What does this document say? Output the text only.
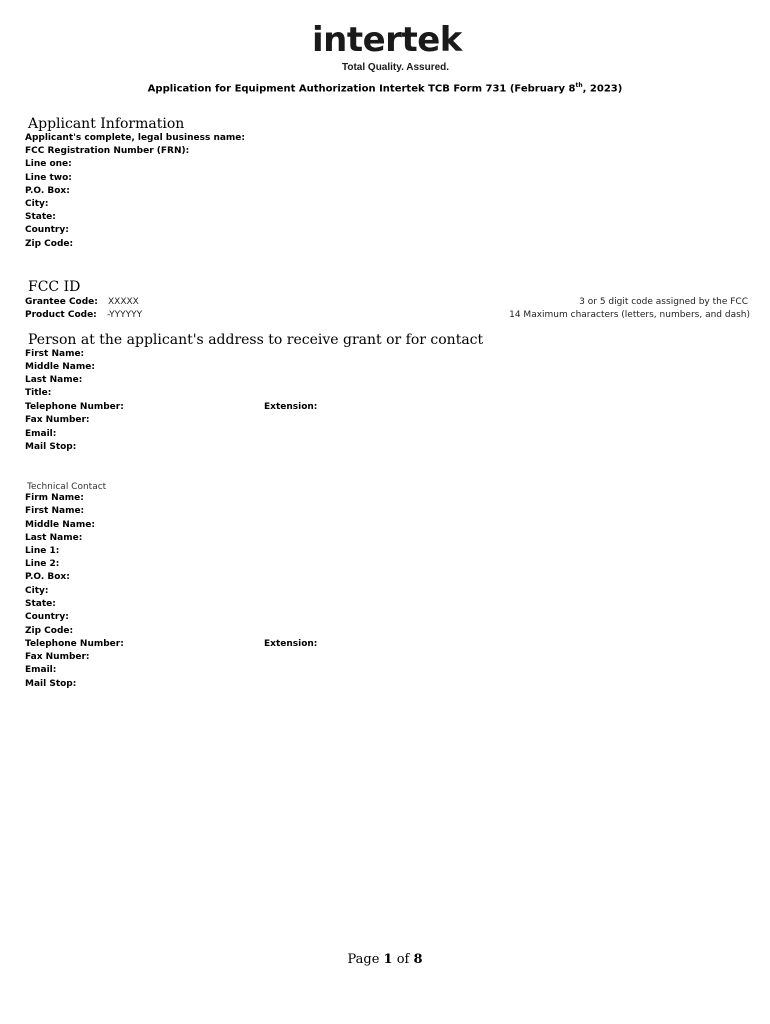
intertek
Total Quality. Assured.
Application for Equipment Authorization Intertek TCB Form 731 (February 8th, 2023)
Applicant Information
Applicant's complete, legal business name:
FCC Registration Number (FRN):
Line one:
Line two:
P.O. Box:
City:
State:
Country:
Zip Code:
FCC ID
Grantee Code: XXXXX	3 or 5 digit code assigned by the FCC
Product Code: -YYYYYY	14 Maximum characters (letters, numbers, and dash)
Person at the applicant's address to receive grant or for contact
First Name:
Middle Name:
Last Name:
Title:
Telephone Number:	Extension:
Fax Number:
Email:
Mail Stop:
Technical Contact
Firm Name:
First Name:
Middle Name:
Last Name:
Line 1:
Line 2:
P.O. Box:
City:
State:
Country:
Zip Code:
Telephone Number:	Extension:
Fax Number:
Email:
Mail Stop:
Page 1 of 8
